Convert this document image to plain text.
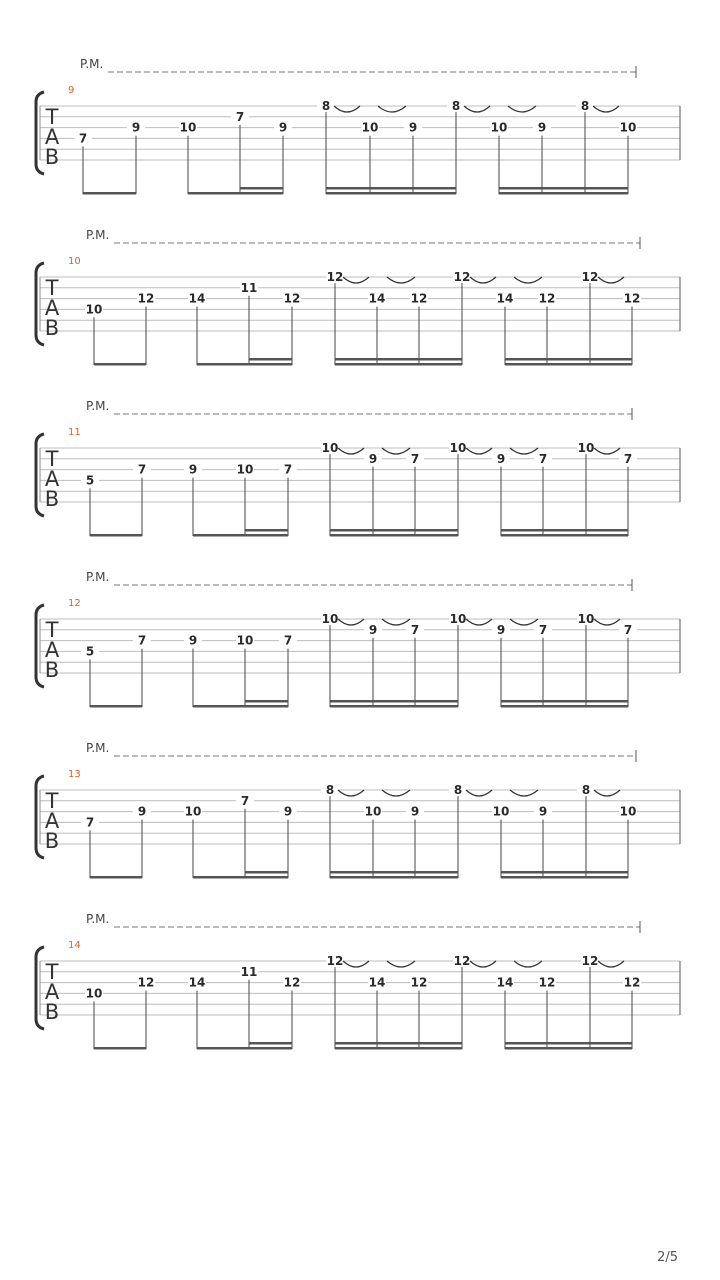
P.M.
9
T
A
B
7
9	10
7
9
8
10	9
8
10	9
8
10
P.M.
10
T
A
B
10
12	14
11
12
12
14 12
12
14 12
12
12
P.M.
11
T
A
B
5
7	9	10	7
10
9	7
10
9	7
10
7
P.M.
12
T
A
B
5
7	9	10	7
10
9	7
10
9	7
10
7
P.M.
13
T
A
B
7
9	10
7
9
8
10 9
8
10 9
8
10
P.M.
14
T
A
B
10
12	14
11
12
12
14 12
12
14 12
12
12
2/5
